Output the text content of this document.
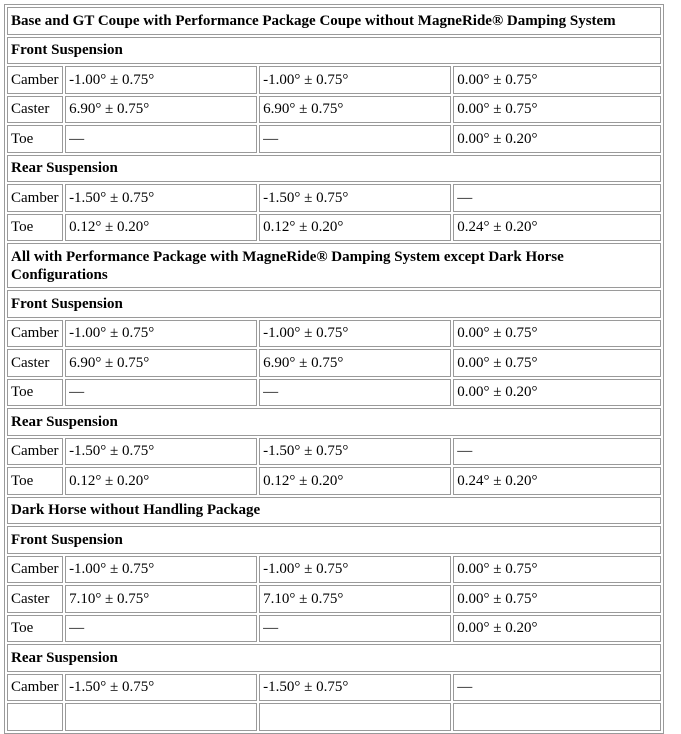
Base and GT Coupe with Performance Package Coupe without MagneRide® Damping System			
Front Suspension			
Camber	-1.00° ± 0.75°	-1.00° ± 0.75°	0.00° ± 0.75°
Caster	6.90° ± 0.75°	6.90° ± 0.75°	0.00° ± 0.75°
Toe	—	—	0.00° ± 0.20°
Rear Suspension			
Camber	-1.50° ± 0.75°	-1.50° ± 0.75°	—
Toe	0.12° ± 0.20°	0.12° ± 0.20°	0.24° ± 0.20°
All with Performance Package with MagneRide® Damping System except Dark Horse Configurations			
Front Suspension			
Camber	-1.00° ± 0.75°	-1.00° ± 0.75°	0.00° ± 0.75°
Caster	6.90° ± 0.75°	6.90° ± 0.75°	0.00° ± 0.75°
Toe	—	—	0.00° ± 0.20°
Rear Suspension			
Camber	-1.50° ± 0.75°	-1.50° ± 0.75°	—
Toe	0.12° ± 0.20°	0.12° ± 0.20°	0.24° ± 0.20°
Dark Horse without Handling Package			
Front Suspension			
Camber	-1.00° ± 0.75°	-1.00° ± 0.75°	0.00° ± 0.75°
Caster	7.10° ± 0.75°	7.10° ± 0.75°	0.00° ± 0.75°
Toe	—	—	0.00° ± 0.20°
Rear Suspension			
Camber	-1.50° ± 0.75°	-1.50° ± 0.75°	—
